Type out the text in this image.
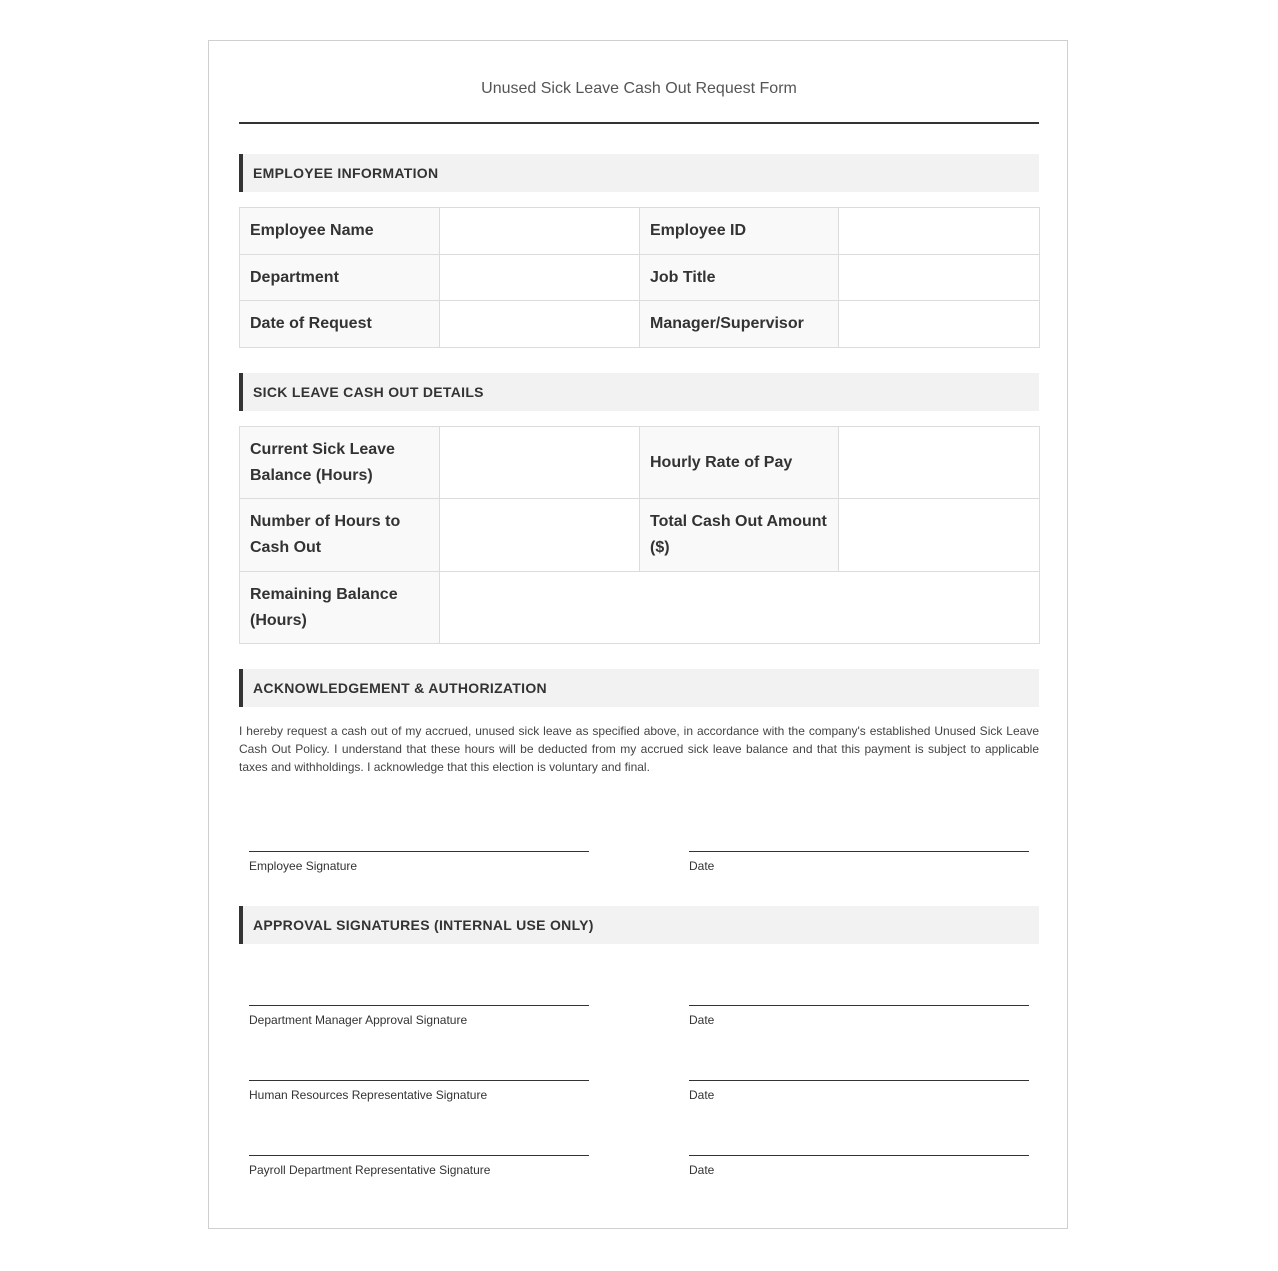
Unused Sick Leave Cash Out Request Form
EMPLOYEE INFORMATION
Employee Name		Employee ID	
Department		Job Title	
Date of Request		Manager/Supervisor	
SICK LEAVE CASH OUT DETAILS
Current Sick Leave Balance (Hours)		Hourly Rate of Pay	
Number of Hours to Cash Out		Total Cash Out Amount ($)	
Remaining Balance (Hours)			
ACKNOWLEDGEMENT & AUTHORIZATION
I hereby request a cash out of my accrued, unused sick leave as specified above, in accordance with the company's established Unused Sick Leave Cash Out Policy. I understand that these hours will be deducted from my accrued sick leave balance and that this payment is subject to applicable taxes and withholdings. I acknowledge that this election is voluntary and final.
Employee Signature	Date
APPROVAL SIGNATURES (INTERNAL USE ONLY)
Department Manager Approval Signature	Date
Human Resources Representative Signature	Date
Payroll Department Representative Signature	Date
